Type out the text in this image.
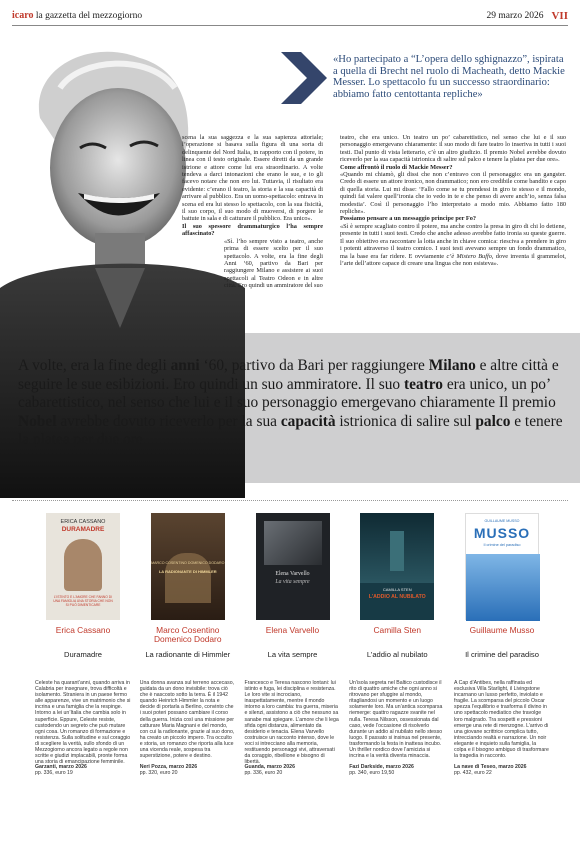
icaro la gazzetta del mezzogiorno	29 marzo 2026 VII
«Ho partecipato a “L’opera dello sghignazzo”, ispirata a quella di Brecht nel ruolo di Macheath, detto Mackie Messer. Lo spettacolo fu un successo straordinario: abbiamo fatto centottanta repliche»

scena la sua saggezza e la sua sapienza attoriale; l’operazione si basava sulla figura di una sorta di delinquente del Nord Italia, in rapporto con il potere, in linea con il testo originale. Essere diretti da un grande istrione e attore come lui era straordinario. A volte tendeva a darci intonazioni che erano le sue, e io gli facevo notare che non ero lui. Tuttavia, il risultato era evidente: c’erano il teatro, la storia e la sua capacità di arrivare al pubblico. Era un uomo-spettacolo: entrava in scena ed era lui stesso lo spettacolo, con la sua fisicità, il suo corpo, il suo modo di muoversi, di porgere le battute in sala e di catturare il pubblico. Era unico».

Il suo spessore drammaturgico l’ha sempre affascinato?

«Sì. l’ho sempre visto a teatro, anche prima di essere scelto per il suo spettacolo. A volte, era la fine degli Anni ‘60, partivo da Bari per raggiungere Milano e assistere ai suoi spettacoli al Teatro Odeon e in altre città. Ero quindi un ammiratore del suo

teatro, che era unico. Un teatro un po’ cabarettistico, nel senso che lui e il suo personaggio emergevano chiaramente: il suo modo di fare teatro lo inseriva in tutti i suoi testi. Dal punto di vista letterario, c’è un altro giudizio. Il premio Nobel avrebbe dovuto riceverlo per la sua capacità istrionica di salire sul palco e tenere la platea per due ore».

Come affrontò il ruolo di Mackie Messer?

«Quando mi chiamò, gli dissi che non c’entravo con il personaggio: era un gangster. Credo di essere un attore ironico, non drammatico; non ero credibile come bandito e capo di quella storia. Lui mi disse: ‘Fallo come se tu prendessi in giro te stesso e il mondo, quindi fai valere quell’ironia che io vedo in te e che penso di avere anch’io, senza falsa modestia’. Così il personaggio l’ho interpretato a modo mio. Abbiamo fatto 180 repliche».

Possiamo pensare a un messaggio principe per Fo?

«Sì è sempre scagliato contro il potere, ma anche contro la presa in giro di chi lo detiene, presente in tutti i suoi testi. Credo che anche adesso avrebbe fatto ironia su queste guerre. Il suo obiettivo era raccontare la lotta anche in chiave comica: riesciva a prendere in giro i potenti attraverso il teatro comico. I suoi testi avevano sempre un fondo drammatico, ma la base era far ridere. E ovviamente c’è Mistero Buffo, dove inventa il grammelot, l’arte dell’attore capace di creare una lingua che non esisteva».

A volte, era la fine degli anni ‘60, partivo da Bari per raggiungere Milano e altre città e seguire le sue esibizioni. Ero quindi un suo ammiratore. Il suo teatro era unico, un po’ cabarettistico, nel senso che lui e il suo personaggio emergevano chiaramente Il premio Nobel avrebbe dovuto riceverlo per la sua capacità istrionica di salire sul palco e tenere la platea per due ore
ERICA CASSANO
DURAMADRE
L’ISTINTO E L’AMORE CHE FANNO DI UNA FAMIGLIA UNA STORIA CHE NON SI PUÒ DIMENTICARE
Erica Cassano
Duramadre
Celeste ha quarant’anni, quando arriva in Calabria per insegnare, trova difficoltà e isolamento. Straniera in un paese fermo alle apparenze, vive un matrimonio che si incrina e una famiglia che la respinge. Intorno a lei un’Italia che cambia solo in superficie. Eppure, Celeste resiste, custodendo un segreto che può mutare ogni cosa. Un romanzo di formazione e resistenza. Sulla solitudine e sul coraggio di scegliere la verità, sullo sfondo di un Mezzogiorno ancora legato a regole non scritte e giudizi implacabili, pronte forma una storia di emancipazione femminile.
Garzanti, marzo 2026
pp. 336, euro 19
MARCO COSENTINO DOMENICO DODARO
LA RADIONANTE DI HIMMLER
Marco Cosentino Domenico Dodaro
La radionante di Himmler
Una donna avanza sul terreno accecaso, guidata da un dono invisibile: trova ciò che è nascosto sotto la terra. È il 1942 quando Heinrich Himmler la nota e decide di portarla a Berlino, convinto che i suoi poteri possano cambiare il corso della guerra. Inizia così una missione per catturare Maria Magnani e del mondo, con cui la radionante, grazie al suo dono, ha creato un piccolo impero. Tra occulto e storia, un romanzo che riporta alla luce una vicenda reale, sospesa tra superstizione, potere e destino.
Neri Pozza, marzo 2026
pp. 320, euro 20
Elena Varvello
La vita sempre
Elena Varvello
La vita sempre
Francesco e Teresa nascono lontani: lui istinto e fuga, lei disciplina e resistenza. Le loro vite si incrociano, inaspettatamente, mentre il mondo intorno a loro cambia: tra guerra, miseria e silenzi, assistono a ciò che nessuno sa sanabe mai spiegare. L’amore che li lega sfida ogni distanza, alimentato da desiderio e tenacia. Elena Varvello costruisce un racconto intenso, dove le voci si intrecciano alla memoria, restituendo personaggi vivi, attraversati da coraggio, ribellione e bisogno di libertà.
Guanda, marzo 2026
pp. 336, euro 20
CAMILLA STEN
L’ADDIO AL NUBILATO
Camilla Sten
L’addio al nubilato
Un’isola segreta nel Baltico custodisce il rito di quattro amiche che ogni anno si ritrovano per sfuggire al mondo, ritagliandosi un momento e un luogo solamente loro. Ma un’antica scomparsa riemerge: quattro ragazze svanite nel nulla. Teresa Nilsson, ossessionata dal caso, vede l’occasione di risolverlo durante un addio al nubilato nello stesso luogo. Il passato si insinua nel presente, trasformando la festa in inattesa incubo. Un thriller nordico dove l’amicizia si incrina e la verità diventa minaccia.
Fazi Darkside, marzo 2026
pp. 340, euro 19,50
GUILLAUME MUSSO
MUSSO
Il crimine del paradiso
Guillaume Musso
Il crimine del paradiso
A Cap d’Antibes, nella raffinata ed esclusiva Villa Starlight, il Livingstone incarnano un lusso perfetto, inviolato e fragile. La scomparsa del piccolo Oscar spezza l’equilibrio e trasforma il divino in uno spettacolo mediatico che travolge loro malgrado. Tra sospetti e pressioni emerge una rete di menzogne. L’arrivo di una giovane scrittrice complica tutto, intrecciando realtà e narrazione. Un noir elegante e inquieto sulla famiglia, la colpa e il bisogno ambiguo di trasformare la tragedia in racconto.
La nave di Teseo, marzo 2026
pp. 432, euro 22
